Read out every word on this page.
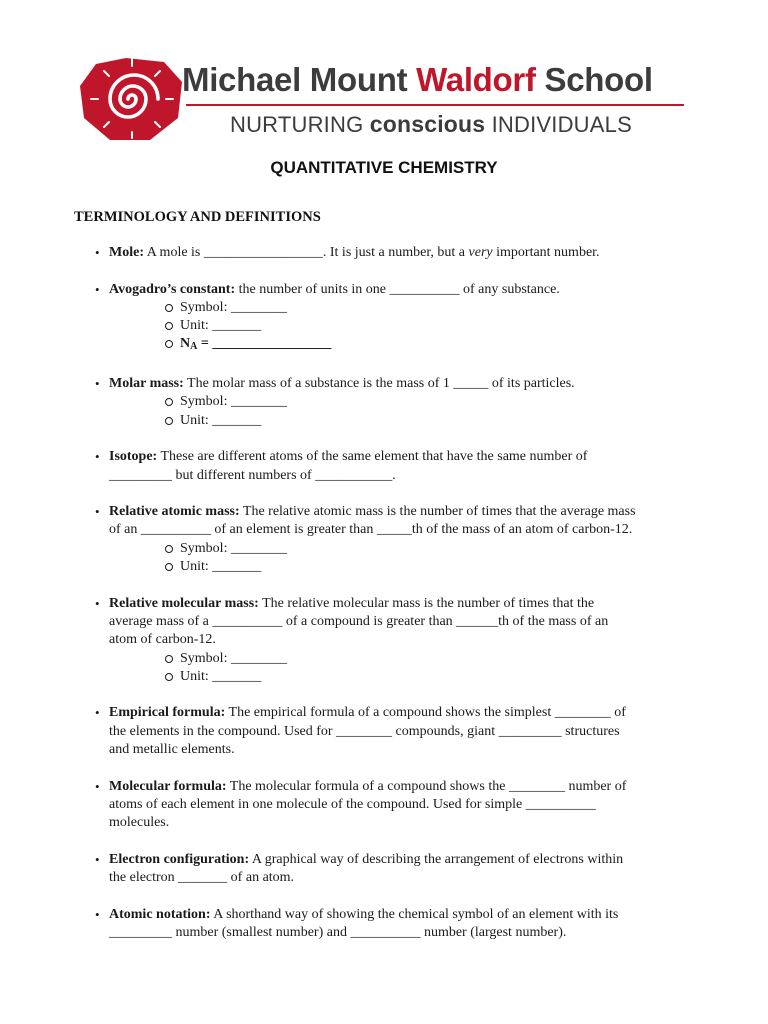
Michael Mount Waldorf School

NURTURING conscious INDIVIDUALS

QUANTITATIVE CHEMISTRY
TERMINOLOGY AND DEFINITIONS
• Mole: A mole is _________________. It is just a number, but a very important number.
• Avogadro’s constant: the number of units in one __________ of any substance.
Symbol: ________
Unit: _______
$N_A$ = _________________
• Molar mass: The molar mass of a substance is the mass of 1 _____ of its particles.
Symbol: ________
Unit: _______
• Isotope: These are different atoms of the same element that have the same number of
_________ but different numbers of ___________.
• Relative atomic mass: The relative atomic mass is the number of times that the average mass
of an __________ of an element is greater than _____th of the mass of an atom of carbon-12.
Symbol: ________
Unit: _______
• Relative molecular mass: The relative molecular mass is the number of times that the
average mass of a __________ of a compound is greater than ______th of the mass of an
atom of carbon-12.
Symbol: ________
Unit: _______
• Empirical formula: The empirical formula of a compound shows the simplest ________ of
the elements in the compound. Used for ________ compounds, giant _________ structures
and metallic elements.
• Molecular formula: The molecular formula of a compound shows the ________ number of
atoms of each element in one molecule of the compound. Used for simple __________
molecules.
• Electron configuration: A graphical way of describing the arrangement of electrons within
the electron _______ of an atom.
• Atomic notation: A shorthand way of showing the chemical symbol of an element with its
_________ number (smallest number) and __________ number (largest number).
